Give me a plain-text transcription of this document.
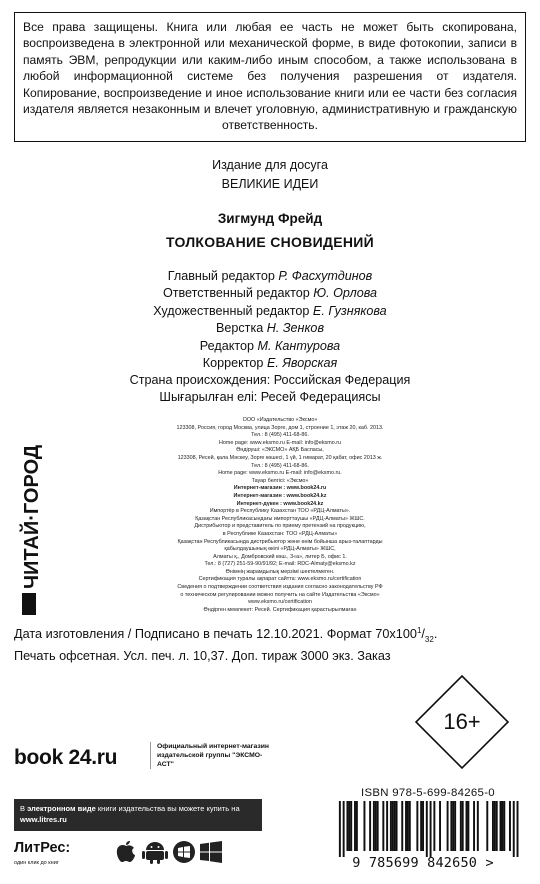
Все права защищены. Книга или любая ее часть не может быть скопирована, воспроизведена в электронной или механической форме, в виде фотокопии, записи в память ЭВМ, репродукции или каким-либо иным способом, а также использована в любой информационной системе без получения разрешения от издателя. Копирование, воспроизведение и иное использование книги или ее части без согласия издателя является незаконным и влечет уголовную, административную и гражданскую ответственность.

Издание для досуга
ВЕЛИКИЕ ИДЕИ
Зигмунд Фрейд
ТОЛКОВАНИЕ СНОВИДЕНИЙ
Главный редактор Р. Фасхутдинов
Ответственный редактор Ю. Орлова
Художественный редактор Е. Гузнякова
Верстка Н. Зенков
Редактор М. Кантурова
Корректор Е. Яворская
Страна происхождения: Российская Федерация
Шығарылған елі: Ресей Федерациясы
ООО «Издательство «Эксмо»
123308, Россия, город Москва, улица Зорге, дом 1, строение 1, этаж 20, каб. 2013.
Тел.: 8 (495) 411-68-86.
Home page: www.eksmo.ru E-mail: info@eksmo.ru
Өндіруші: «ЭКСМО» АҚБ Баспасы,
123308, Ресей, қала Мәскеу, Зорге көшесі, 1 үй, 1 ғимарат, 20 қабат, офис 2013 ж.
Тел.: 8 (495) 411-68-86.
Home page: www.eksmo.ru E-mail: info@eksmo.ru.
Тауар белгісі: «Эксмо»
Интернет-магазин : www.book24.ru
Интернет-магазин : www.book24.kz
Интернет-дүкен : www.book24.kz
Импортёр в Республику Казахстан ТОО «РДЦ-Алматы».
Қазақстан Республикасындағы импорттаушы «РДЦ-Алматы» ЖШС.
Дистрибьютор и представитель по приему претензий на продукцию,
в Республике Казахстан: ТОО «РДЦ-Алматы»
Қазақстан Республикасында дистрибьютор және өнім бойынша арыз-талаптарды
қабылдаушының өкілі «РДЦ-Алматы» ЖШС,
Алматы қ., Домбровский көш., 3«а», литер Б, офис 1.
Тел.: 8 (727) 251-59-90/91/92; E-mail: RDC-Almaty@eksmo.kz
Өнімнің жарамдылық мерзімі шектелмеген.
Сертификация туралы ақпарат сайтта: www.eksmo.ru/certification
Сведения о подтверждении соответствия издания согласно законодательству РФ
о техническом регулировании можно получить на сайте Издательства «Эксмо»
www.eksmo.ru/certification
Өндірген мемлекет: Ресей. Сертификация қарастырылмаған
ЧИТАЙ·ГОРОД
Дата изготовления / Подписано в печать 12.10.2021. Формат $70x100^1/_{32}$.
Печать офсетная. Усл. печ. л. 10,37. Доп. тираж 3000 экз. Заказ
16+
book 24.ru	Официальный интернет-магазин издательской группы "ЭКСМО-АСТ"
В электронном виде книги издательства вы можете купить на www.litres.ru
ЛитРес:
один клик до книг
ISBN 978-5-699-84265-0
9 785699 842650 >
